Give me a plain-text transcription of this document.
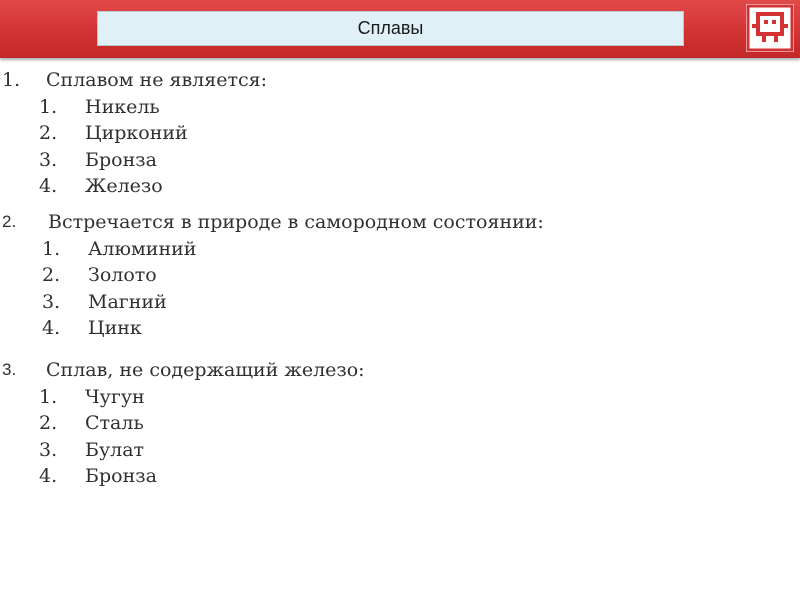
Сплавы
1. Сплавом не является:
1. Никель
2. Цирконий
3. Бронза
4. Железо
2. Встречается в природе в самородном состоянии:
1. Алюминий
2. Золото
3. Магний
4. Цинк
3. Сплав, не содержащий железо:
1. Чугун
2. Сталь
3. Булат
4. Бронза
